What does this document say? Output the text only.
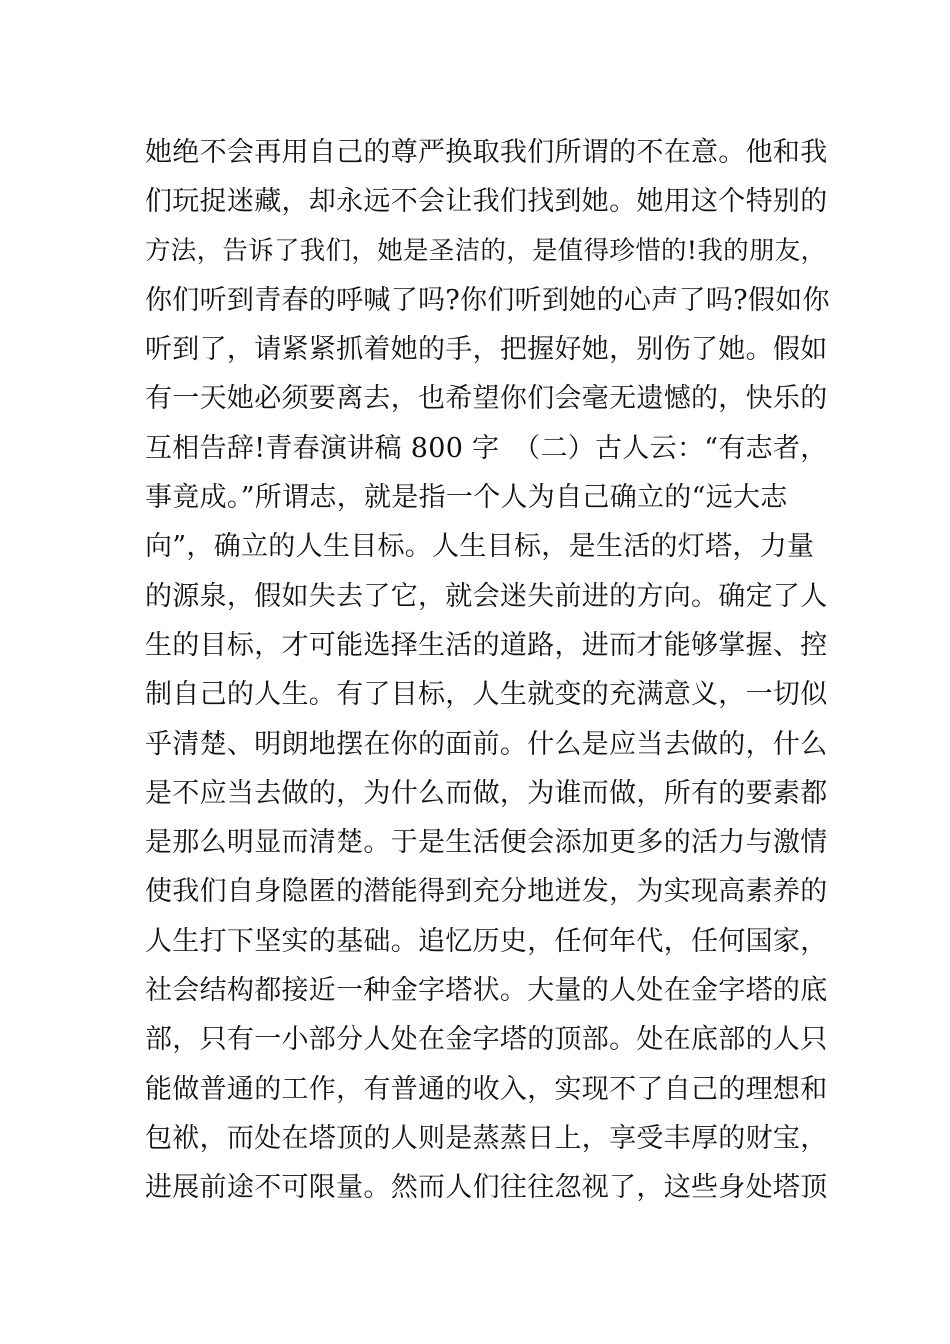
她绝不会再用自己的尊严换取我们所谓的不在意。他和我
们玩捉迷藏，却永远不会让我们找到她。她用这个特别的
方法，告诉了我们，她是圣洁的，是值得珍惜的!我的朋友，
你们听到青春的呼喊了吗?你们听到她的心声了吗?假如你
听到了，请紧紧抓着她的手，把握好她，别伤了她。假如
有一天她必须要离去，也希望你们会毫无遗憾的，快乐的
互相告辞!青春演讲稿 800 字　（二）古人云：“有志者，
事竟成。”所谓志，就是指一个人为自己确立的“远大志
向”，确立的人生目标。人生目标，是生活的灯塔，力量
的源泉，假如失去了它，就会迷失前进的方向。确定了人
生的目标，才可能选择生活的道路，进而才能够掌握、控
制自己的人生。有了目标，人生就变的充满意义，一切似
乎清楚、明朗地摆在你的面前。什么是应当去做的，什么
是不应当去做的，为什么而做，为谁而做，所有的要素都
是那么明显而清楚。于是生活便会添加更多的活力与激情
使我们自身隐匿的潜能得到充分地迸发，为实现高素养的
人生打下坚实的基础。追忆历史，任何年代，任何国家，
社会结构都接近一种金字塔状。大量的人处在金字塔的底
部，只有一小部分人处在金字塔的顶部。处在底部的人只
能做普通的工作，有普通的收入，实现不了自己的理想和
包袱，而处在塔顶的人则是蒸蒸日上，享受丰厚的财宝，
进展前途不可限量。然而人们往往忽视了，这些身处塔顶
